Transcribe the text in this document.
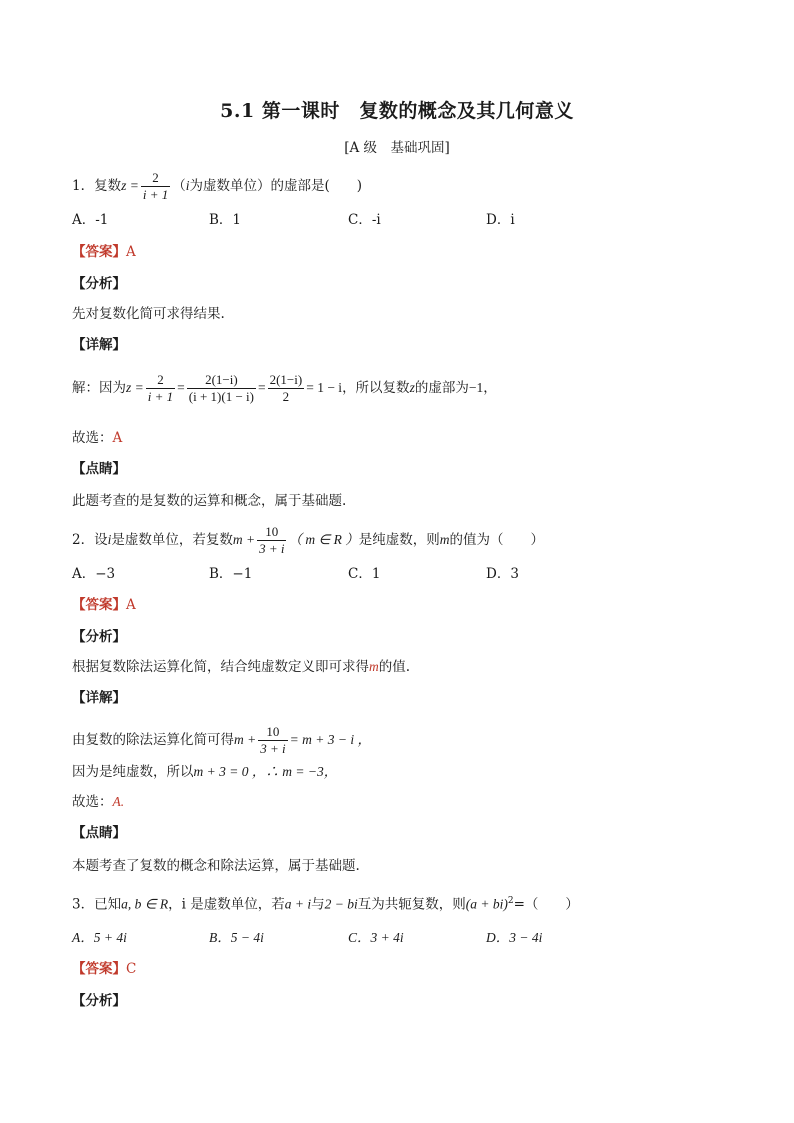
5.1 第一课时　复数的概念及其几何意义
[A 级　基础巩固]
1．复数$z = \frac{2}{i + 1} (i$为虚数单位）的虚部是(　　)
A．-1	B．1	C．-i	D．i
【答案】A
【分析】
先对复数化简可求得结果.
【详解】
解：因为$z = \frac{2}{i + 1} = \frac{2(1-i)}{(i + 1)(1 - i)} = \frac{2(1-i)}{2} = 1 - i$，所以复数z的虚部为−1，
故选：A
【点睛】
此题考查的是复数的运算和概念，属于基础题.
2．设i是虚数单位，若复数$m + \frac{10}{3 + i}$ （ m ∈ R ）是纯虚数，则m的值为（　　）
A．−3	B．−1	C．1	D．3
【答案】A
【分析】
根据复数除法运算化简，结合纯虚数定义即可求得m的值.
【详解】
由复数的除法运算化简可得$m + \frac{10}{3 + i} = m + 3 - i$ ，
因为是纯虚数，所以m + 3 = 0 ，∴ m = −3，
故选：A.
【点睛】
本题考查了复数的概念和除法运算，属于基础题.
3．已知a, b ∈ R，i 是虚数单位，若a + i与2 − bi互为共轭复数，则(a + bi)$^2$=（　　）
A．5 + 4i	B．5 − 4i	C．3 + 4i	D．3 − 4i
【答案】C
【分析】
